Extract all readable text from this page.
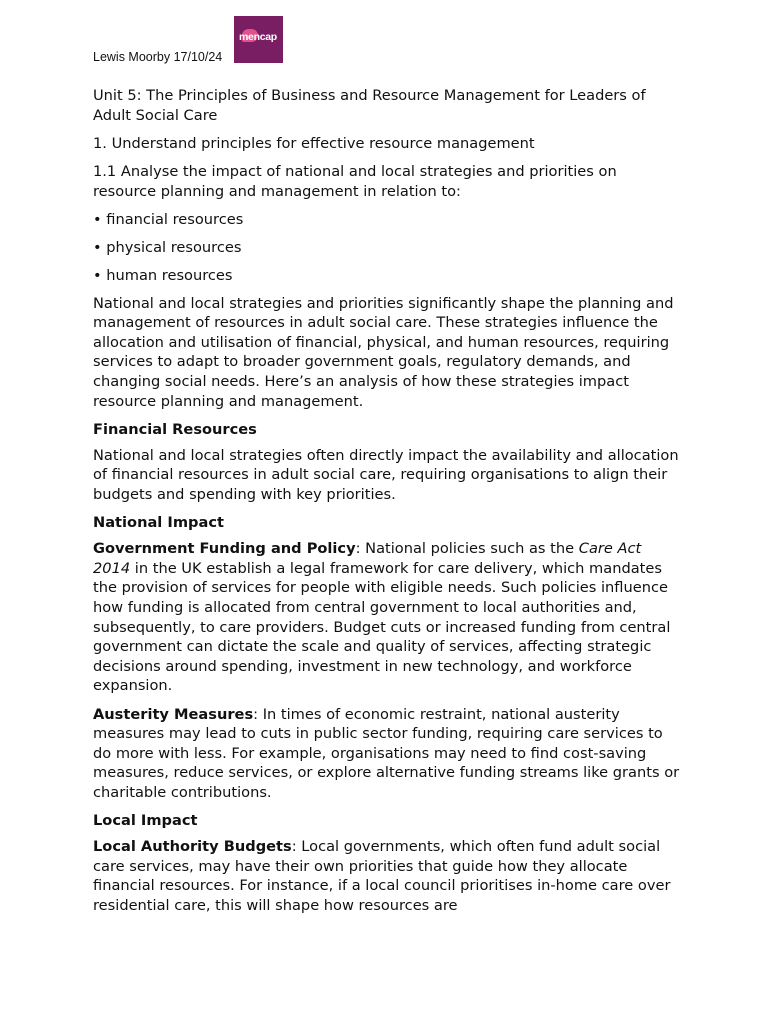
Lewis Moorby 17/10/24
mencap

Unit 5: The Principles of Business and Resource Management for Leaders of Adult Social Care

1. Understand principles for effective resource management

1.1 Analyse the impact of national and local strategies and priorities on resource planning and management in relation to:

• financial resources

• physical resources

• human resources

National and local strategies and priorities significantly shape the planning and management of resources in adult social care. These strategies influence the allocation and utilisation of financial, physical, and human resources, requiring services to adapt to broader government goals, regulatory demands, and changing social needs. Here’s an analysis of how these strategies impact resource planning and management.

Financial Resources

National and local strategies often directly impact the availability and allocation of financial resources in adult social care, requiring organisations to align their budgets and spending with key priorities.

National Impact

Government Funding and Policy: National policies such as the Care Act 2014 in the UK establish a legal framework for care delivery, which mandates the provision of services for people with eligible needs. Such policies influence how funding is allocated from central government to local authorities and, subsequently, to care providers. Budget cuts or increased funding from central government can dictate the scale and quality of services, affecting strategic decisions around spending, investment in new technology, and workforce expansion.

Austerity Measures: In times of economic restraint, national austerity measures may lead to cuts in public sector funding, requiring care services to do more with less. For example, organisations may need to find cost-saving measures, reduce services, or explore alternative funding streams like grants or charitable contributions.

Local Impact

Local Authority Budgets: Local governments, which often fund adult social care services, may have their own priorities that guide how they allocate financial resources. For instance, if a local council prioritises in-home care over residential care, this will shape how resources are
